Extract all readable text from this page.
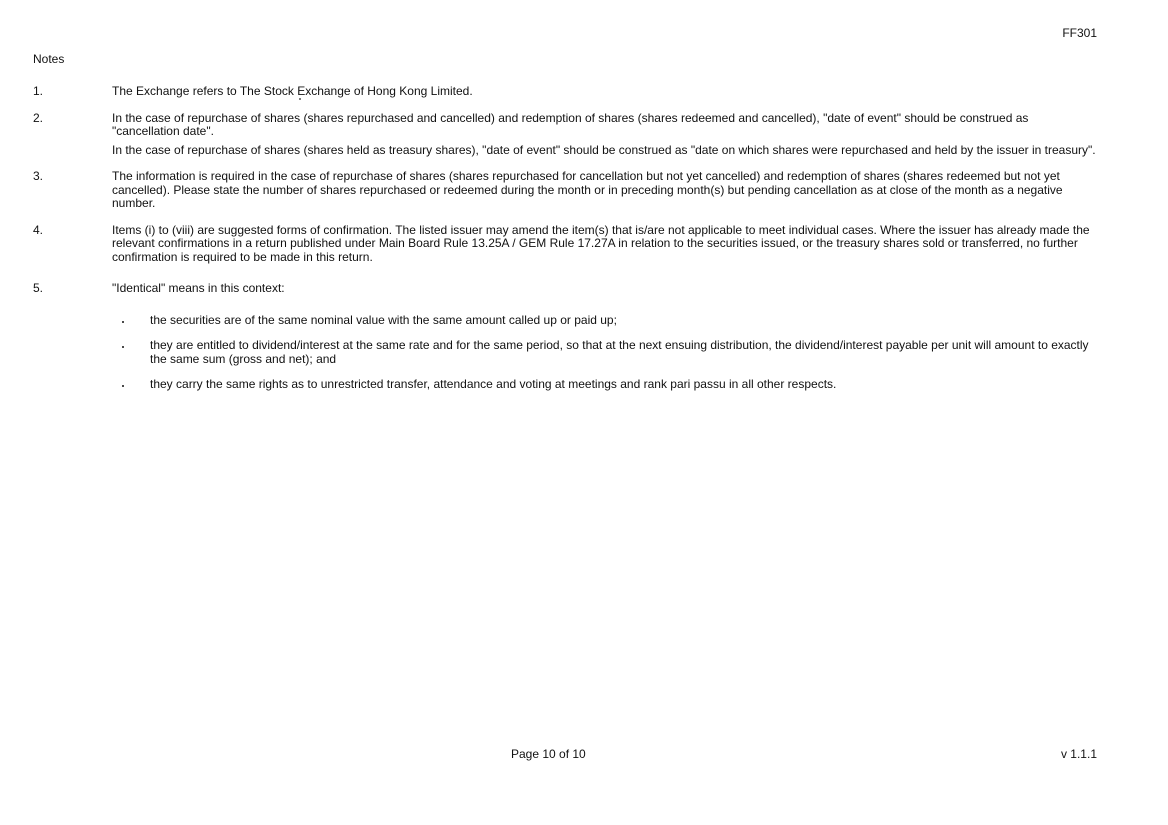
FF301
Notes
1.	The Exchange refers to The Stock Exchange of Hong Kong Limited.

2.	In the case of repurchase of shares (shares repurchased and cancelled) and redemption of shares (shares redeemed and cancelled), "date of event" should be construed as "cancellation date".

In the case of repurchase of shares (shares held as treasury shares), "date of event" should be construed as "date on which shares were repurchased and held by the issuer in treasury".

3.	The information is required in the case of repurchase of shares (shares repurchased for cancellation but not yet cancelled) and redemption of shares (shares redeemed but not yet cancelled). Please state the number of shares repurchased or redeemed during the month or in preceding month(s) but pending cancellation as at close of the month as a negative number.

4.	Items (i) to (viii) are suggested forms of confirmation. The listed issuer may amend the item(s) that is/are not applicable to meet individual cases. Where the issuer has already made the relevant confirmations in a return published under Main Board Rule 13.25A / GEM Rule 17.27A in relation to the securities issued, or the treasury shares sold or transferred, no further confirmation is required to be made in this return.

5.	"Identical" means in this context:

the securities are of the same nominal value with the same amount called up or paid up;
they are entitled to dividend/interest at the same rate and for the same period, so that at the next ensuing distribution, the dividend/interest payable per unit will amount to exactly the same sum (gross and net); and
they carry the same rights as to unrestricted transfer, attendance and voting at meetings and rank pari passu in all other respects.
Page 10 of 10	v 1.1.1
